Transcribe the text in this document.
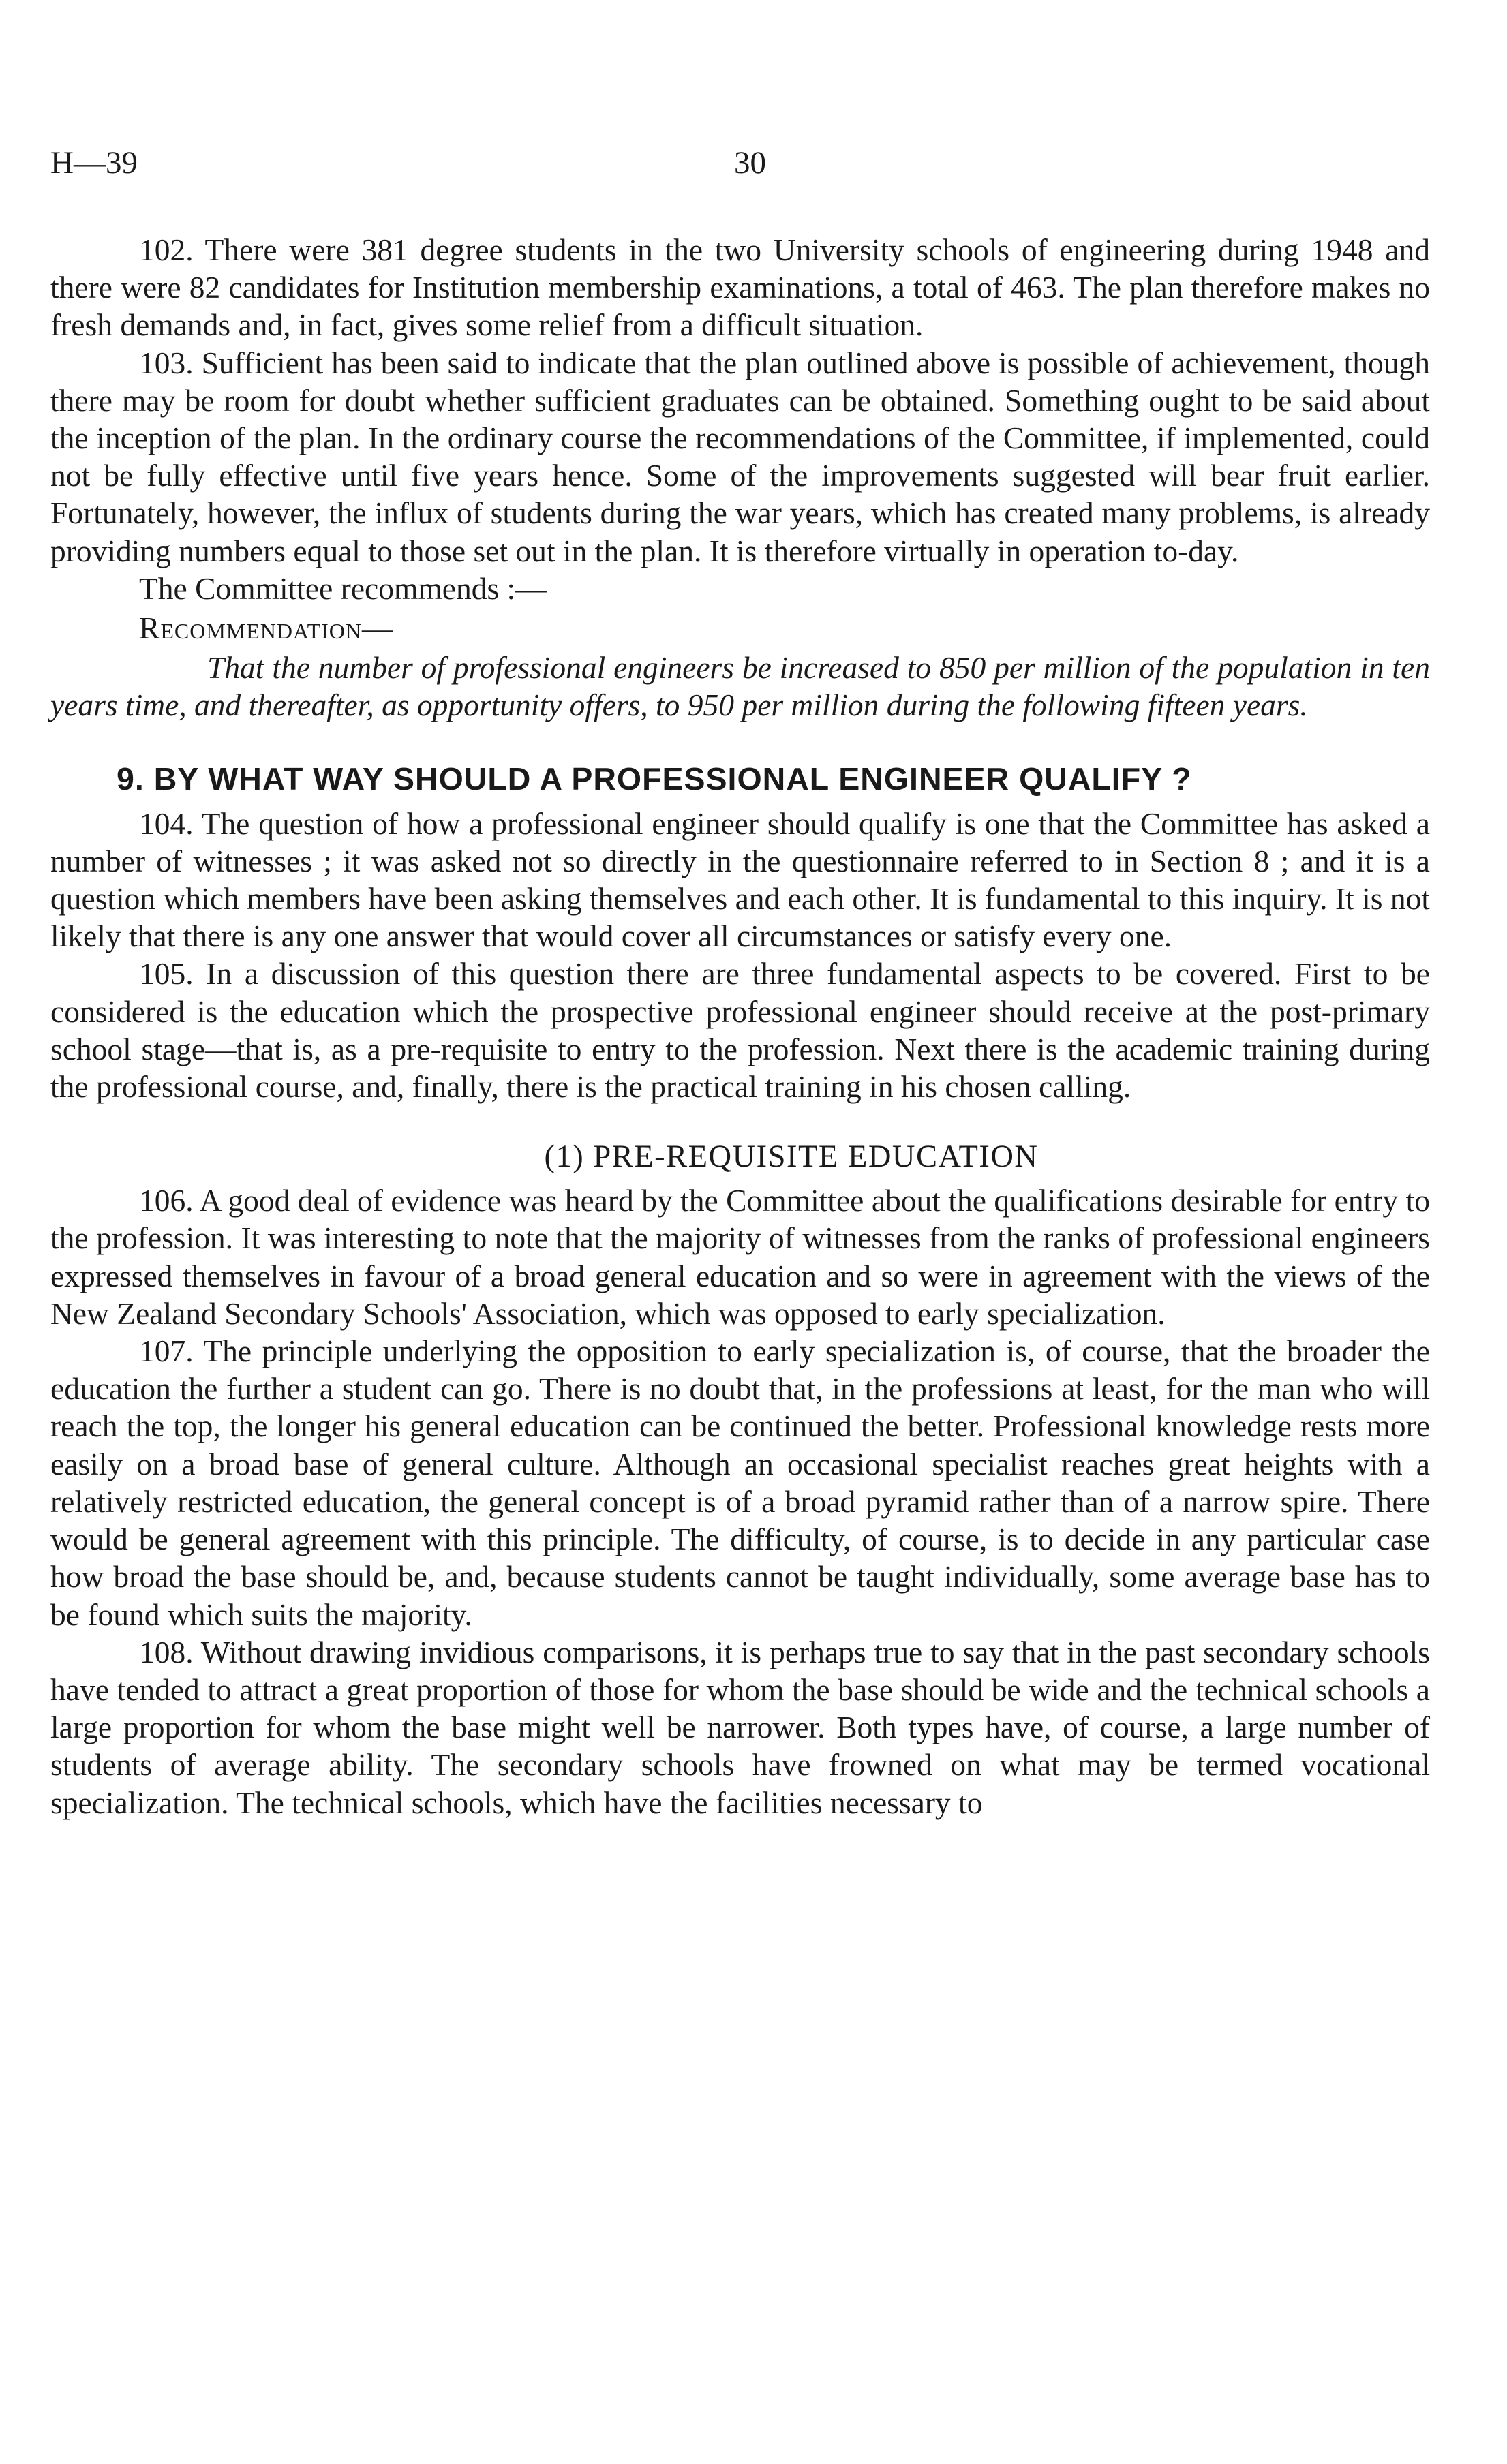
H—39	30

102. There were 381 degree students in the two University schools of engineering during 1948 and there were 82 candidates for Institution membership examinations, a total of 463. The plan therefore makes no fresh demands and, in fact, gives some relief from a difficult situation.

103. Sufficient has been said to indicate that the plan outlined above is possible of achievement, though there may be room for doubt whether sufficient graduates can be obtained. Something ought to be said about the inception of the plan. In the ordinary course the recommendations of the Committee, if implemented, could not be fully effective until five years hence. Some of the improvements suggested will bear fruit earlier. Fortunately, however, the influx of students during the war years, which has created many problems, is already providing numbers equal to those set out in the plan. It is therefore virtually in operation to-day.

The Committee recommends :—

Recommendation—

That the number of professional engineers be increased to 850 per million of the population in ten years time, and thereafter, as opportunity offers, to 950 per million during the following fifteen years.

9. BY WHAT WAY SHOULD A PROFESSIONAL ENGINEER QUALIFY ?

104. The question of how a professional engineer should qualify is one that the Committee has asked a number of witnesses ; it was asked not so directly in the questionnaire referred to in Section 8 ; and it is a question which members have been asking themselves and each other. It is fundamental to this inquiry. It is not likely that there is any one answer that would cover all circumstances or satisfy every one.

105. In a discussion of this question there are three fundamental aspects to be covered. First to be considered is the education which the prospective professional engineer should receive at the post-primary school stage—that is, as a pre-requisite to entry to the profession. Next there is the academic training during the professional course, and, finally, there is the practical training in his chosen calling.

(1) PRE-REQUISITE EDUCATION

106. A good deal of evidence was heard by the Committee about the qualifications desirable for entry to the profession. It was interesting to note that the majority of witnesses from the ranks of professional engineers expressed themselves in favour of a broad general education and so were in agreement with the views of the New Zealand Secondary Schools' Association, which was opposed to early specialization.

107. The principle underlying the opposition to early specialization is, of course, that the broader the education the further a student can go. There is no doubt that, in the professions at least, for the man who will reach the top, the longer his general education can be continued the better. Professional knowledge rests more easily on a broad base of general culture. Although an occasional specialist reaches great heights with a relatively restricted education, the general concept is of a broad pyramid rather than of a narrow spire. There would be general agreement with this principle. The difficulty, of course, is to decide in any particular case how broad the base should be, and, because students cannot be taught individually, some average base has to be found which suits the majority.

108. Without drawing invidious comparisons, it is perhaps true to say that in the past secondary schools have tended to attract a great proportion of those for whom the base should be wide and the technical schools a large proportion for whom the base might well be narrower. Both types have, of course, a large number of students of average ability. The secondary schools have frowned on what may be termed vocational specialization. The technical schools, which have the facilities necessary to
